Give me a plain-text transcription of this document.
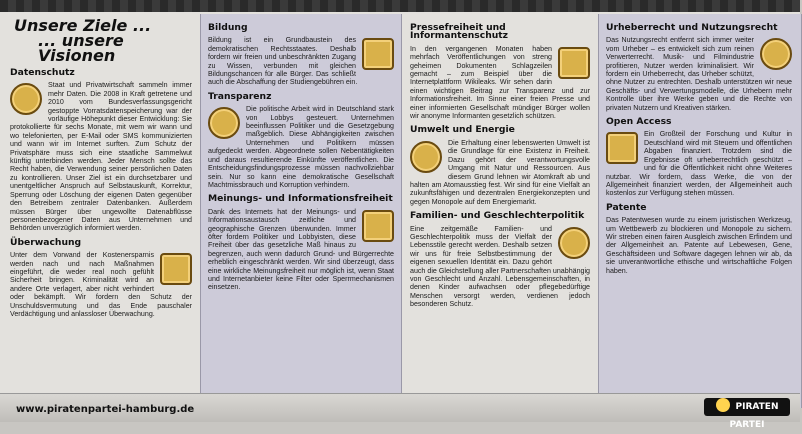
Unsere Ziele ...
... unsere Visionen
Datenschutz
Staat und Privatwirtschaft sammeln immer mehr Daten. Die 2008 in Kraft getretene und 2010 vom Bundesverfassungsgericht gestoppte Vorratsdatenspeicherung war der vorläufige Höhepunkt dieser Entwicklung: Sie protokollierte für sechs Monate, mit wem wir wann und wo telefonierten, per E-Mail oder SMS kommunizierten und wann wir im Internet surften. Zum Schutz der Privatsphäre muss sich eine staatliche Sammelwut künftig unterbinden werden. Jeder Mensch sollte das Recht haben, die Verwendung seiner persönlichen Daten zu kontrollieren. Unser Ziel ist ein durchsetzbarer und unentgeltlicher Anspruch auf Selbstauskunft, Korrektur, Sperrung oder Löschung der eigenen Daten gegenüber den Betreibern zentraler Datenbanken. Außerdem müssen Bürger über ungewollte Datenabflüsse personenbezogener Daten aus Unternehmen und Behörden unverzüglich informiert werden.
Überwachung
Unter dem Vorwand der Kostenersparnis werden nach und nach Maßnahmen eingeführt, die weder real noch gefühlt Sicherheit bringen. Kriminalität wird an andere Orte verlagert, aber nicht verhindert oder bekämpft. Wir fordern den Schutz der Unschuldsvermutung und das Ende pauschaler Verdächtigung und anlassloser Überwachung.
Bildung
Bildung ist ein Grundbaustein des demokratischen Rechtsstaates. Deshalb fordern wir freien und unbeschränkten Zugang zu Wissen, verbunden mit gleichen Bildungschancen für alle Bürger. Das schließt auch die Abschaffung der Studiengebühren ein.
Transparenz
Die politische Arbeit wird in Deutschland stark von Lobbys gesteuert. Unternehmen beeinflussen Politiker und die Gesetzgebung maßgeblich. Diese Abhängigkeiten zwischen Unternehmen und Politikern müssen aufgedeckt werden. Abgeordnete sollen Nebentätigkeiten und daraus resultierende Einkünfte veröffentlichen. Die Entscheidungsfindungsprozesse müssen nachvollziehbar sein. Nur so kann eine demokratische Gesellschaft Machtmissbrauch und Korruption verhindern.
Meinungs- und Informationsfreiheit
Dank des Internets hat der Meinungs- und Informationsaustausch zeitliche und geographische Grenzen überwunden. Immer öfter fordern Politiker und Lobbyisten, diese Freiheit über das gesetzliche Maß hinaus zu begrenzen, auch wenn dadurch Grund- und Bürgerrechte erheblich eingeschränkt werden. Wir sind überzeugt, dass eine wirkliche Meinungsfreiheit nur möglich ist, wenn Staat und Internetanbieter keine Filter oder Sperrmechanismen einsetzen.
Pressefreiheit und Informantenschutz
In den vergangenen Monaten haben mehrfach Veröffentlichungen von streng geheimen Dokumenten Schlagzeilen gemacht – zum Beispiel über die Internetplattform Wikileaks. Wir sehen darin einen wichtigen Beitrag zur Transparenz und zur Informationsfreiheit. Im Sinne einer freien Presse und einer informierten Gesellschaft mündiger Bürger wollen wir anonyme Informanten gesetzlich schützen.
Umwelt und Energie
Die Erhaltung einer lebenswerten Umwelt ist die Grundlage für eine Existenz in Freiheit. Dazu gehört der verantwortungsvolle Umgang mit Natur und Ressourcen. Aus diesem Grund lehnen wir Atomkraft ab und halten am Atomausstieg fest. Wir sind für eine Vielfalt an zukunftsfähigen und dezentralen Energiekonzepten und gegen Monopole auf dem Energiemarkt.
Familien- und Geschlechterpolitik
Eine zeitgemäße Familien- und Geschlechterpolitik muss der Vielfalt der Lebensstile gerecht werden. Deshalb setzen wir uns für freie Selbstbestimmung der eigenen sexuellen Identität ein. Dazu gehört auch die Gleichstellung aller Partnerschaften unabhängig von Geschlecht und Anzahl. Lebensgemeinschaften, in denen Kinder aufwachsen oder pflegebedürftige Menschen versorgt werden, verdienen jedoch besonderen Schutz.
Urheberrecht und Nutzungsrecht
Das Nutzungsrecht entfernt sich immer weiter vom Urheber – es entwickelt sich zum reinen Verwerterrecht. Musik- und Filmindustrie profitieren, Nutzer werden kriminalisiert. Wir fordern ein Urheberrecht, das Urheber schützt, ohne Nutzer zu entrechten. Deshalb unterstützen wir neue Geschäfts- und Verwertungsmodelle, die Urhebern mehr Kontrolle über ihre Werke geben und die Rechte von privaten Nutzern und Kreativen stärken.
Open Access
Ein Großteil der Forschung und Kultur in Deutschland wird mit Steuern und öffentlichen Abgaben finanziert. Trotzdem sind die Ergebnisse oft urheberrechtlich geschützt – und für die Öffentlichkeit nicht ohne Weiteres nutzbar. Wir fordern, dass Werke, die von der Allgemeinheit finanziert werden, der Allgemeinheit auch kostenlos zur Verfügung stehen müssen.
Patente
Das Patentwesen wurde zu einem juristischen Werkzeug, um Wettbewerb zu blockieren und Monopole zu sichern. Wir streben einen fairen Ausgleich zwischen Erfindern und der Allgemeinheit an. Patente auf Lebewesen, Gene, Geschäftsideen und Software dagegen lehnen wir ab, da sie unverantwortliche ethische und wirtschaftliche Folgen haben.
www.piratenpartei-hamburg.de	PIRATEN PARTEI
